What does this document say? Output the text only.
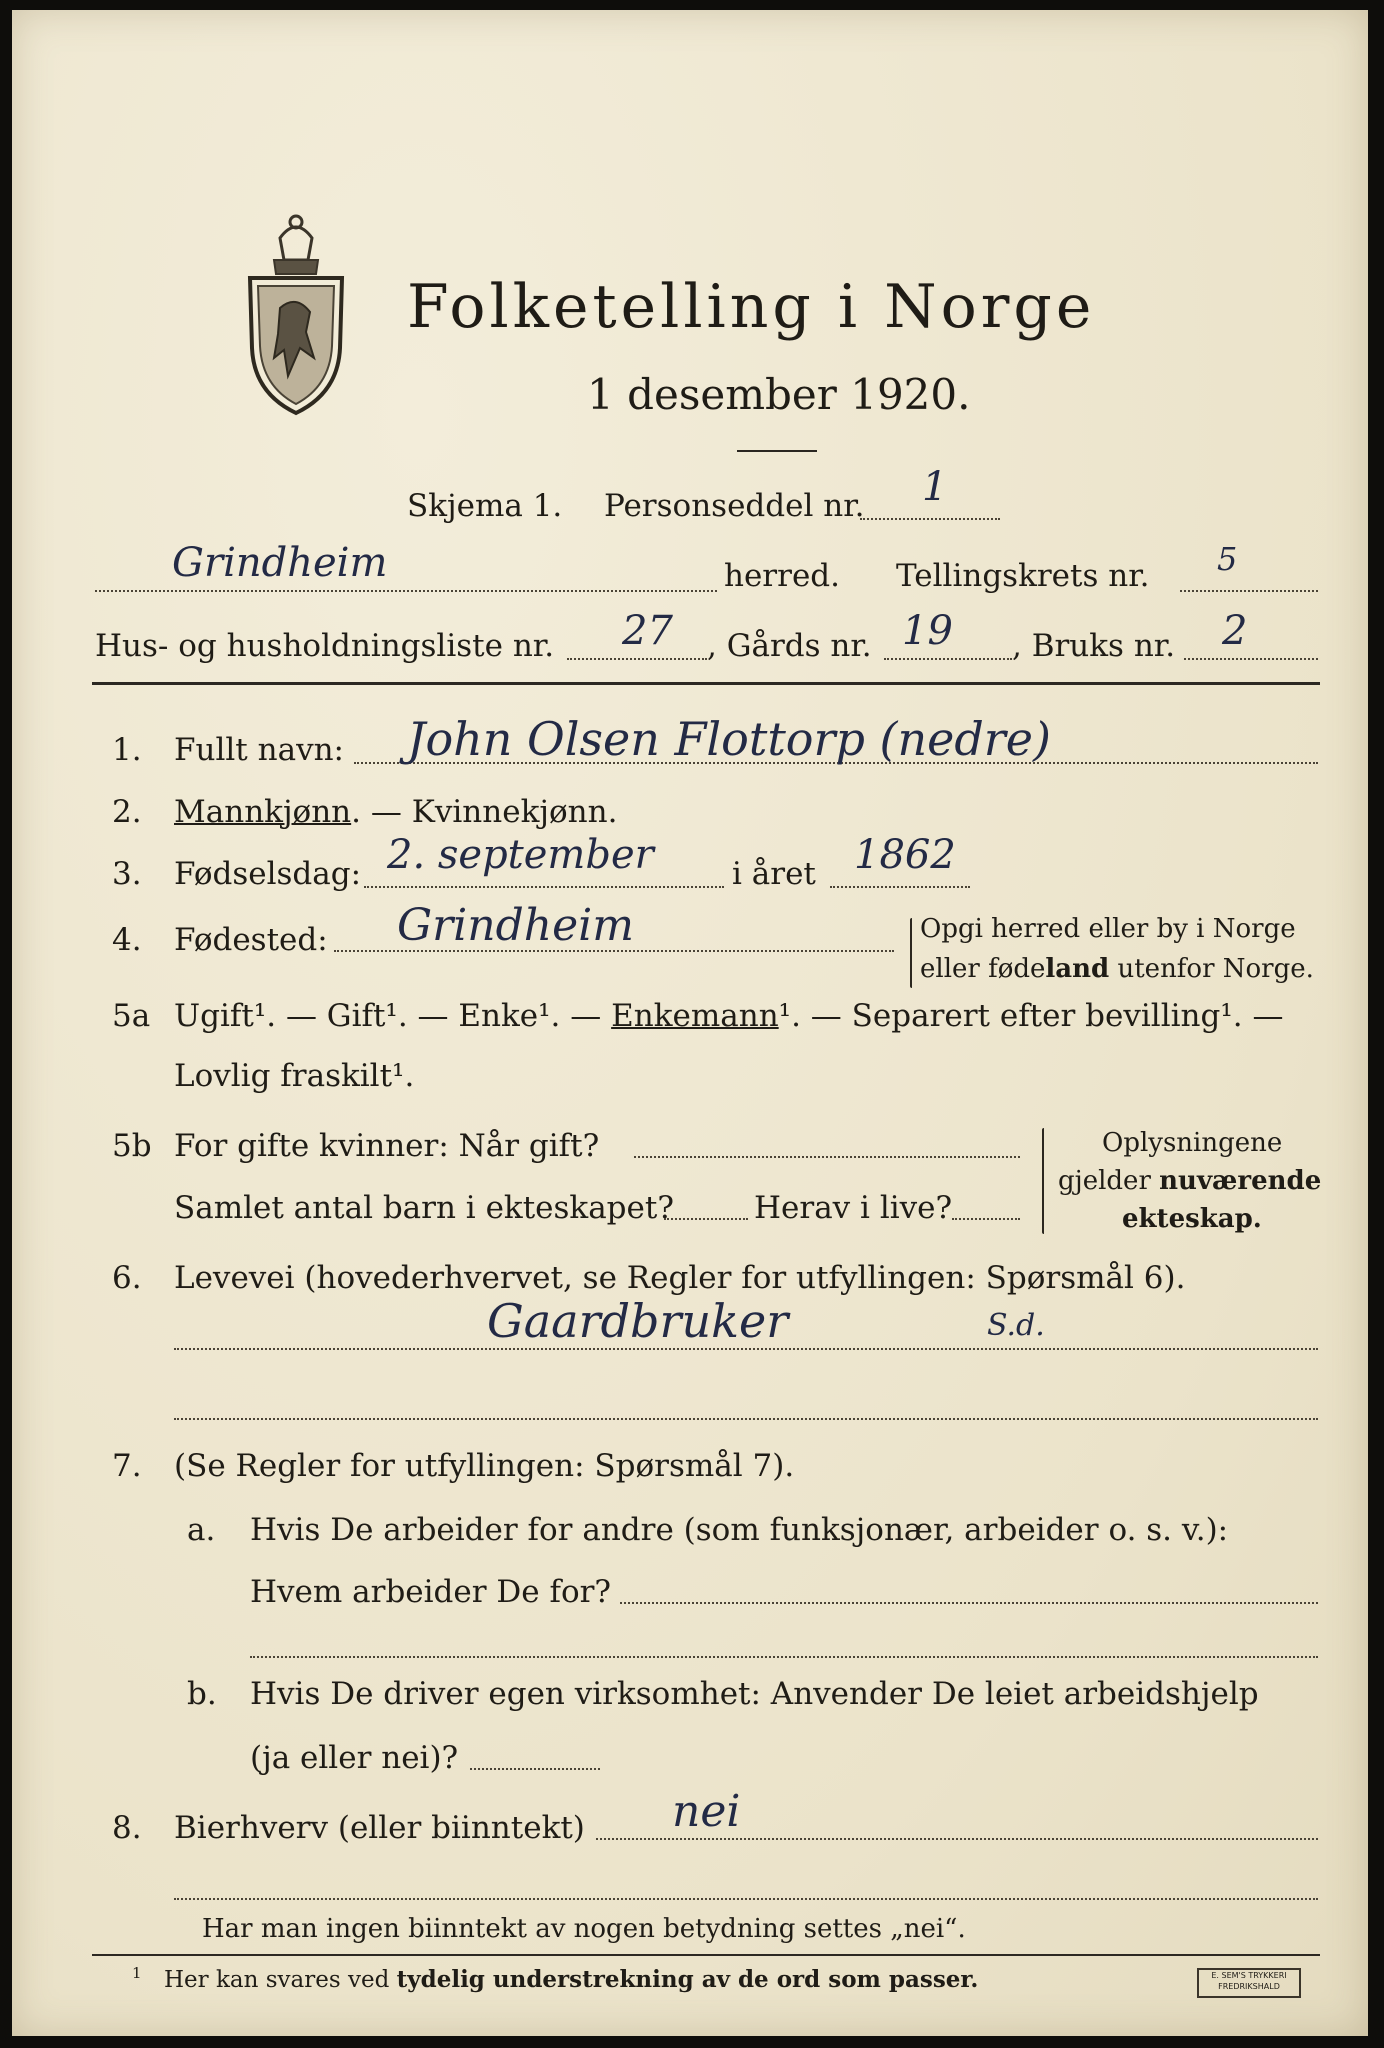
Folketelling i Norge
1 desember 1920.
Skjema 1. Personseddel nr. 1
Grindheim	herred. Tellingskrets nr. 5
Hus- og husholdningsliste nr. 27 , Gårds nr. 19 , Bruks nr. 2
1. Fullt navn: John Olsen Flottorp (nedre)
2. Mannkjønn. — Kvinnekjønn.
3. Fødselsdag: 2. september	i året 1862
4. Fødested: Grindheim	Opgi herred eller by i Norge
eller fødeland utenfor Norge.
5a Ugift¹. — Gift¹. — Enke¹. — Enkemann¹. — Separert efter bevilling¹. —
Lovlig fraskilt¹.
5b For gifte kvinner: Når gift?
Samlet antal barn i ekteskapet?	Herav i live?
Oplysningene
gjelder nuværende
ekteskap.
6. Levevei (hovederhvervet, se Regler for utfyllingen: Spørsmål 6).
Gaardbruker	S.d.
7. (Se Regler for utfyllingen: Spørsmål 7).
a. Hvis De arbeider for andre (som funksjonær, arbeider o. s. v.):
Hvem arbeider De for?
b. Hvis De driver egen virksomhet: Anvender De leiet arbeidshjelp
(ja eller nei)?
8. Bierhverv (eller biinntekt) nei
Har man ingen biinntekt av nogen betydning settes „nei“.
1 Her kan svares ved tydelig understrekning av de ord som passer.	E. SEM'S TRYKKERI
FREDRIKSHALD
